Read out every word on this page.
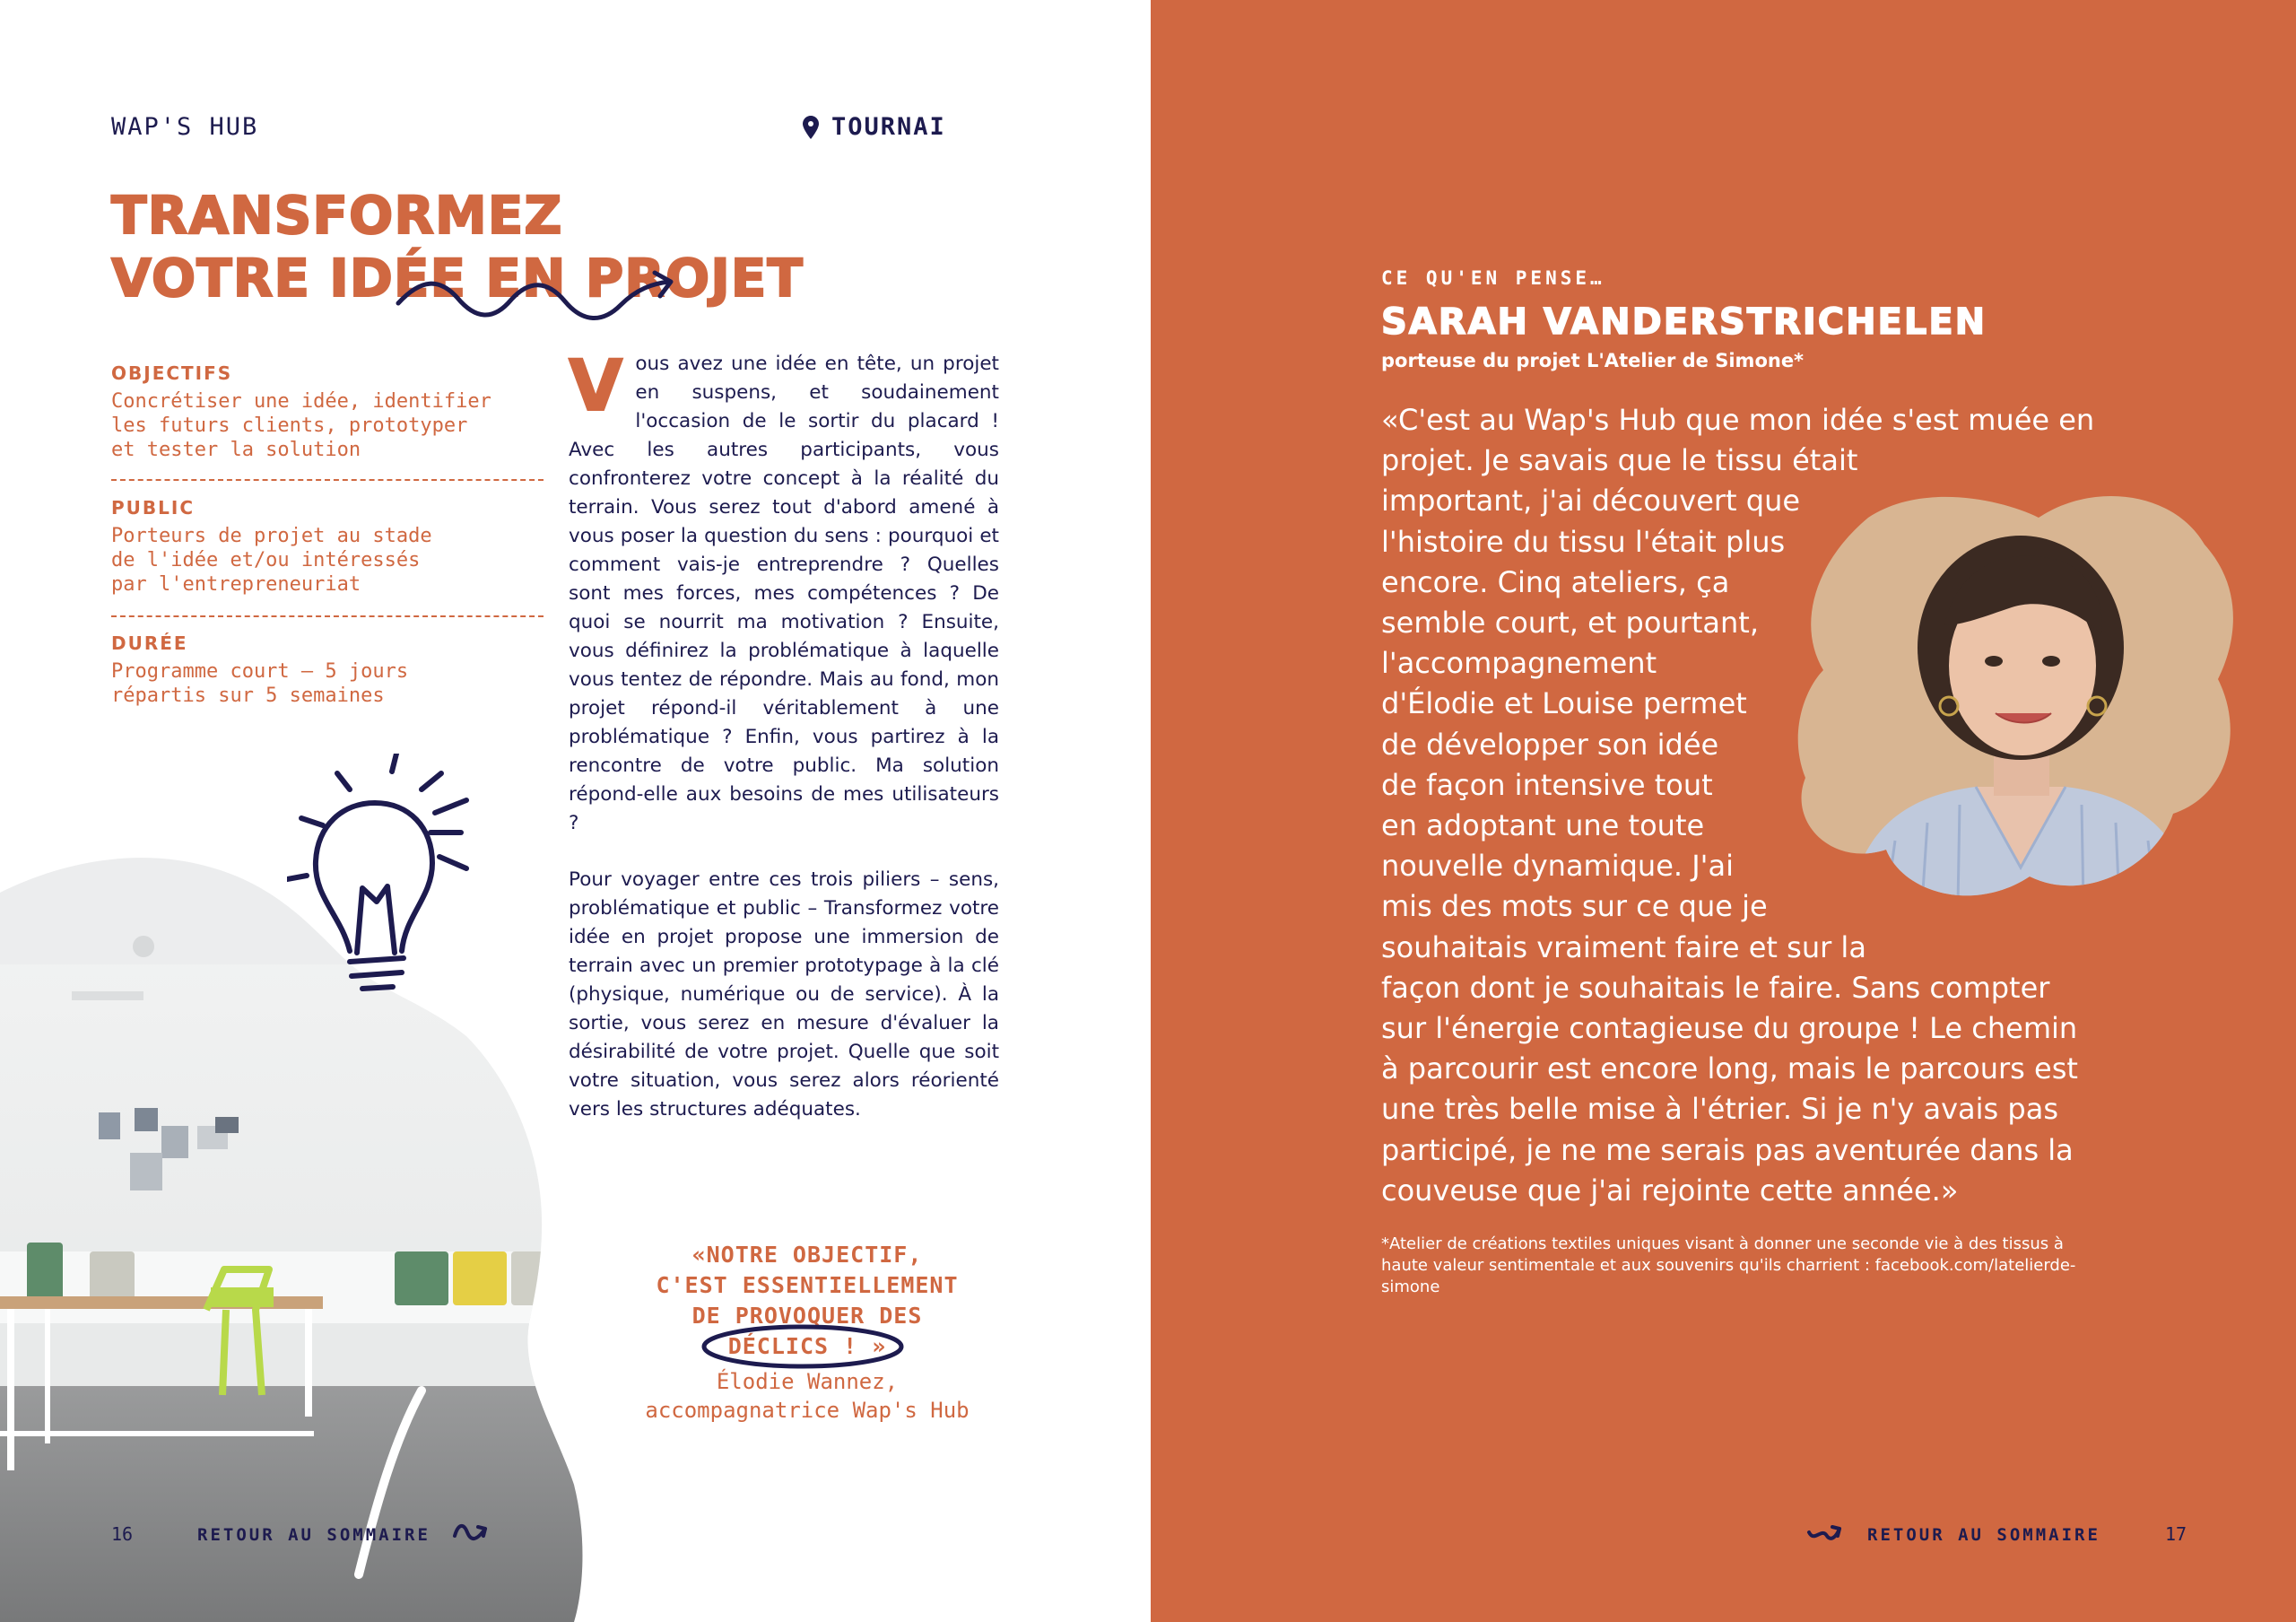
WAP'S HUB	TOURNAI
TRANSFORMEZ
VOTRE IDÉE EN PROJET
OBJECTIFS
Concrétiser une idée, identifier
les futurs clients, prototyper
et tester la solution
PUBLIC
Porteurs de projet au stade
de l'idée et/ou intéressés
par l'entrepreneuriat
DURÉE
Programme court – 5 jours
répartis sur 5 semaines

Vous avez une idée en tête, un projet en suspens, et soudainement l'occasion de le sortir du placard ! Avec les autres participants, vous confronterez votre concept à la réalité du terrain. Vous serez tout d'abord amené à vous poser la question du sens : pourquoi et comment vais-je entreprendre ? Quelles sont mes forces, mes compétences ? De quoi se nourrit ma motivation ? Ensuite, vous définirez la problématique à laquelle vous tentez de répondre. Mais au fond, mon projet répond-il véritablement à une problématique ? Enfin, vous partirez à la rencontre de votre public. Ma solution répond-elle aux besoins de mes utilisateurs ?

Pour voyager entre ces trois piliers – sens, problématique et public – Transformez votre idée en projet propose une immersion de terrain avec un premier prototypage à la clé (physique, numérique ou de service). À la sortie, vous serez en mesure d'évaluer la désirabilité de votre projet. Quelle que soit votre situation, vous serez alors réorienté vers les structures adéquates.

«NOTRE OBJECTIF,
C'EST ESSENTIELLEMENT
DE PROVOQUER DES
DÉCLICS ! »
Élodie Wannez,
accompagnatrice Wap's Hub
16	RETOUR AU SOMMAIRE
CE QU'EN PENSE…
SARAH VANDERSTRICHELEN
porteuse du projet L'Atelier de Simone*
«C'est au Wap's Hub que mon idée s'est muée en
projet. Je savais que le tissu était
important, j'ai découvert que
l'histoire du tissu l'était plus
encore. Cinq ateliers, ça
semble court, et pourtant,
l'accompagnement
d'Élodie et Louise permet
de développer son idée
de façon intensive tout
en adoptant une toute
nouvelle dynamique. J'ai
mis des mots sur ce que je
souhaitais vraiment faire et sur la
façon dont je souhaitais le faire. Sans compter
sur l'énergie contagieuse du groupe ! Le chemin
à parcourir est encore long, mais le parcours est
une très belle mise à l'étrier. Si je n'y avais pas
participé, je ne me serais pas aventurée dans la
couveuse que j'ai rejointe cette année.»
*Atelier de créations textiles uniques visant à donner une seconde vie à des tissus à
haute valeur sentimentale et aux souvenirs qu'ils charrient : facebook.com/latelierde-
simone
RETOUR AU SOMMAIRE	17
